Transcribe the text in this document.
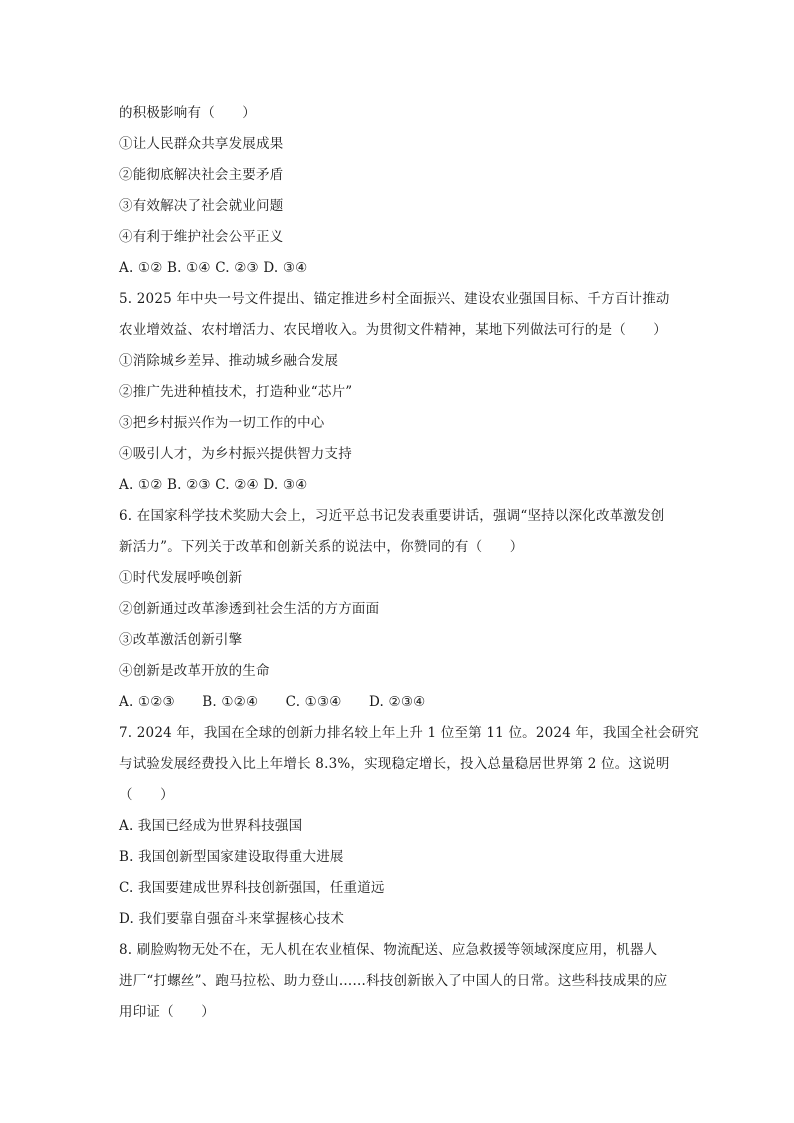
的积极影响有（　　）
①让人民群众共享发展成果
②能彻底解决社会主要矛盾
③有效解决了社会就业问题
④有利于维护社会公平正义
A. ①② B. ①④ C. ②③ D. ③④
5. 2025 年中央一号文件提出、锚定推进乡村全面振兴、建设农业强国目标、千方百计推动
农业增效益、农村增活力、农民增收入。为贯彻文件精神，某地下列做法可行的是（　　）
①消除城乡差异、推动城乡融合发展
②推广先进种植技术，打造种业“芯片”
③把乡村振兴作为一切工作的中心
④吸引人才，为乡村振兴提供智力支持
A. ①② B. ②③ C. ②④ D. ③④
6. 在国家科学技术奖励大会上，习近平总书记发表重要讲话，强调“坚持以深化改革激发创
新活力”。下列关于改革和创新关系的说法中，你赞同的有（　　）
①时代发展呼唤创新
②创新通过改革渗透到社会生活的方方面面
③改革激活创新引擎
④创新是改革开放的生命
A. ①②③　　B. ①②④　　C. ①③④　　D. ②③④
7. 2024 年，我国在全球的创新力排名较上年上升 1 位至第 11 位。2024 年，我国全社会研究
与试验发展经费投入比上年增长 8.3%，实现稳定增长，投入总量稳居世界第 2 位。这说明
（　　）
A. 我国已经成为世界科技强国
B. 我国创新型国家建设取得重大进展
C. 我国要建成世界科技创新强国，任重道远
D. 我们要靠自强奋斗来掌握核心技术
8. 刷脸购物无处不在，无人机在农业植保、物流配送、应急救援等领域深度应用，机器人
进厂“打螺丝”、跑马拉松、助力登山……科技创新嵌入了中国人的日常。这些科技成果的应
用印证（　　）
